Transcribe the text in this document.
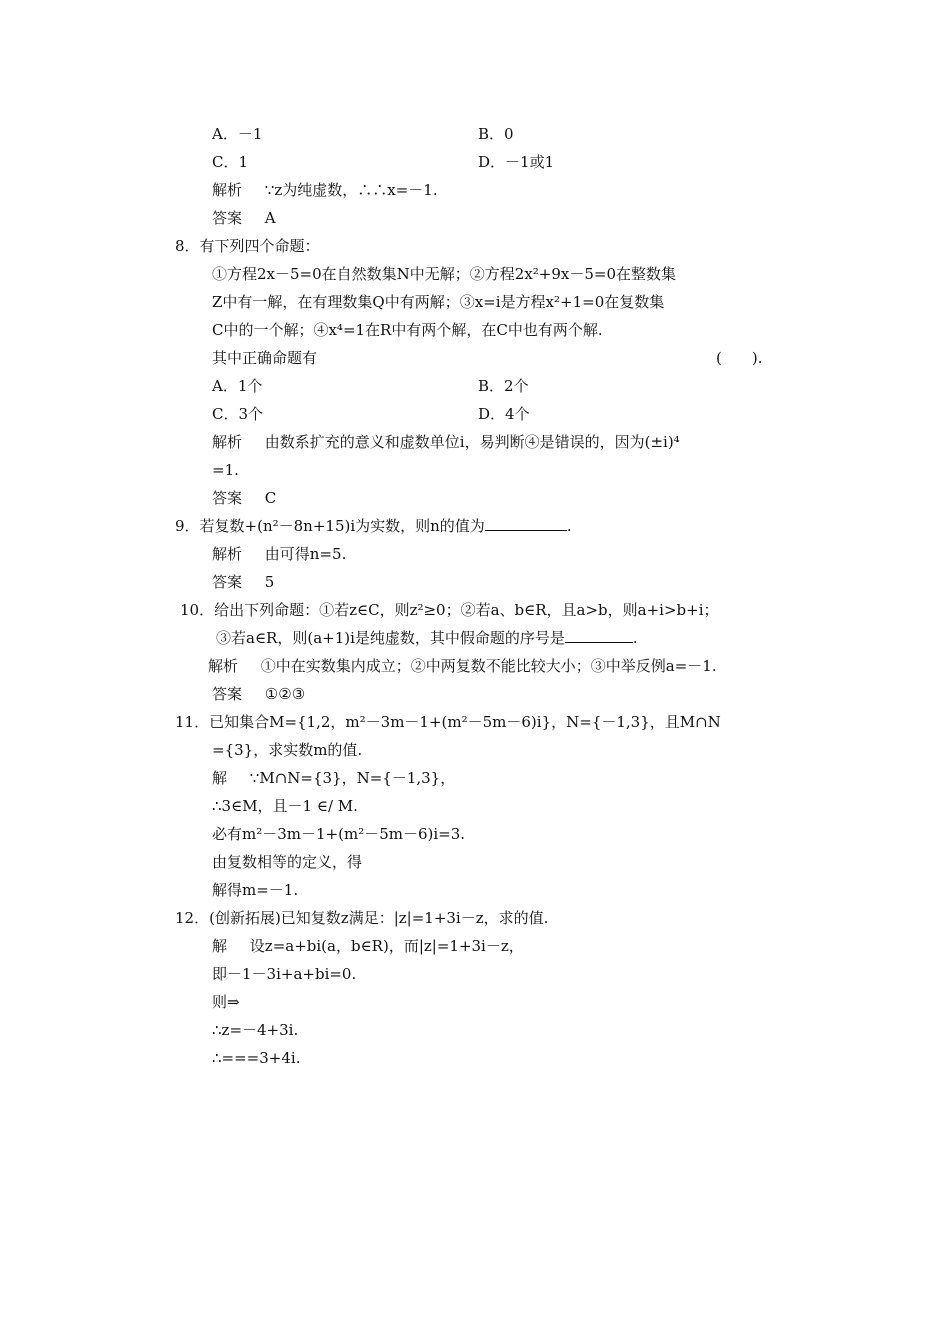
A．－1	B．0
C．1	D．－1或1
解析 ∵z为纯虚数，∴∴x=－1.
答案 A
8．有下列四个命题：
①方程2x－5=0在自然数集N中无解；②方程2x²+9x－5=0在整数集
Z中有一解，在有理数集Q中有两解；③x=i是方程x²+1=0在复数集
C中的一个解；④x⁴=1在R中有两个解，在C中也有两个解.
其中正确命题有	(　　).
A．1个	B．2个
C．3个	D．4个
解析 由数系扩充的意义和虚数单位i，易判断④是错误的，因为(±i)⁴
=1.
答案 C
9．若复数+(n²－8n+15)i为实数，则n的值为	.
解析 由可得n=5.
答案 5
10．给出下列命题：①若z∈C，则z²≥0；②若a、b∈R，且a>b，则a+i>b+i；
③若a∈R，则(a+1)i是纯虚数，其中假命题的序号是	.
解析 ①中在实数集内成立；②中两复数不能比较大小；③中举反例a=－1.
答案 ①②③
11．已知集合M={1,2，m²－3m－1+(m²－5m－6)i}，N={－1,3}，且M∩N
={3}，求实数m的值.
解 ∵M∩N={3}，N={－1,3}，
∴3∈M，且－1 ∈/ M.
必有m²－3m－1+(m²－5m－6)i=3.
由复数相等的定义，得
解得m=－1.
12．(创新拓展)已知复数z满足：|z|=1+3i－z，求的值.
解 设z=a+bi(a，b∈R)，而|z|=1+3i－z，
即－1－3i+a+bi=0.
则⇒
∴z=－4+3i.
∴===3+4i.
